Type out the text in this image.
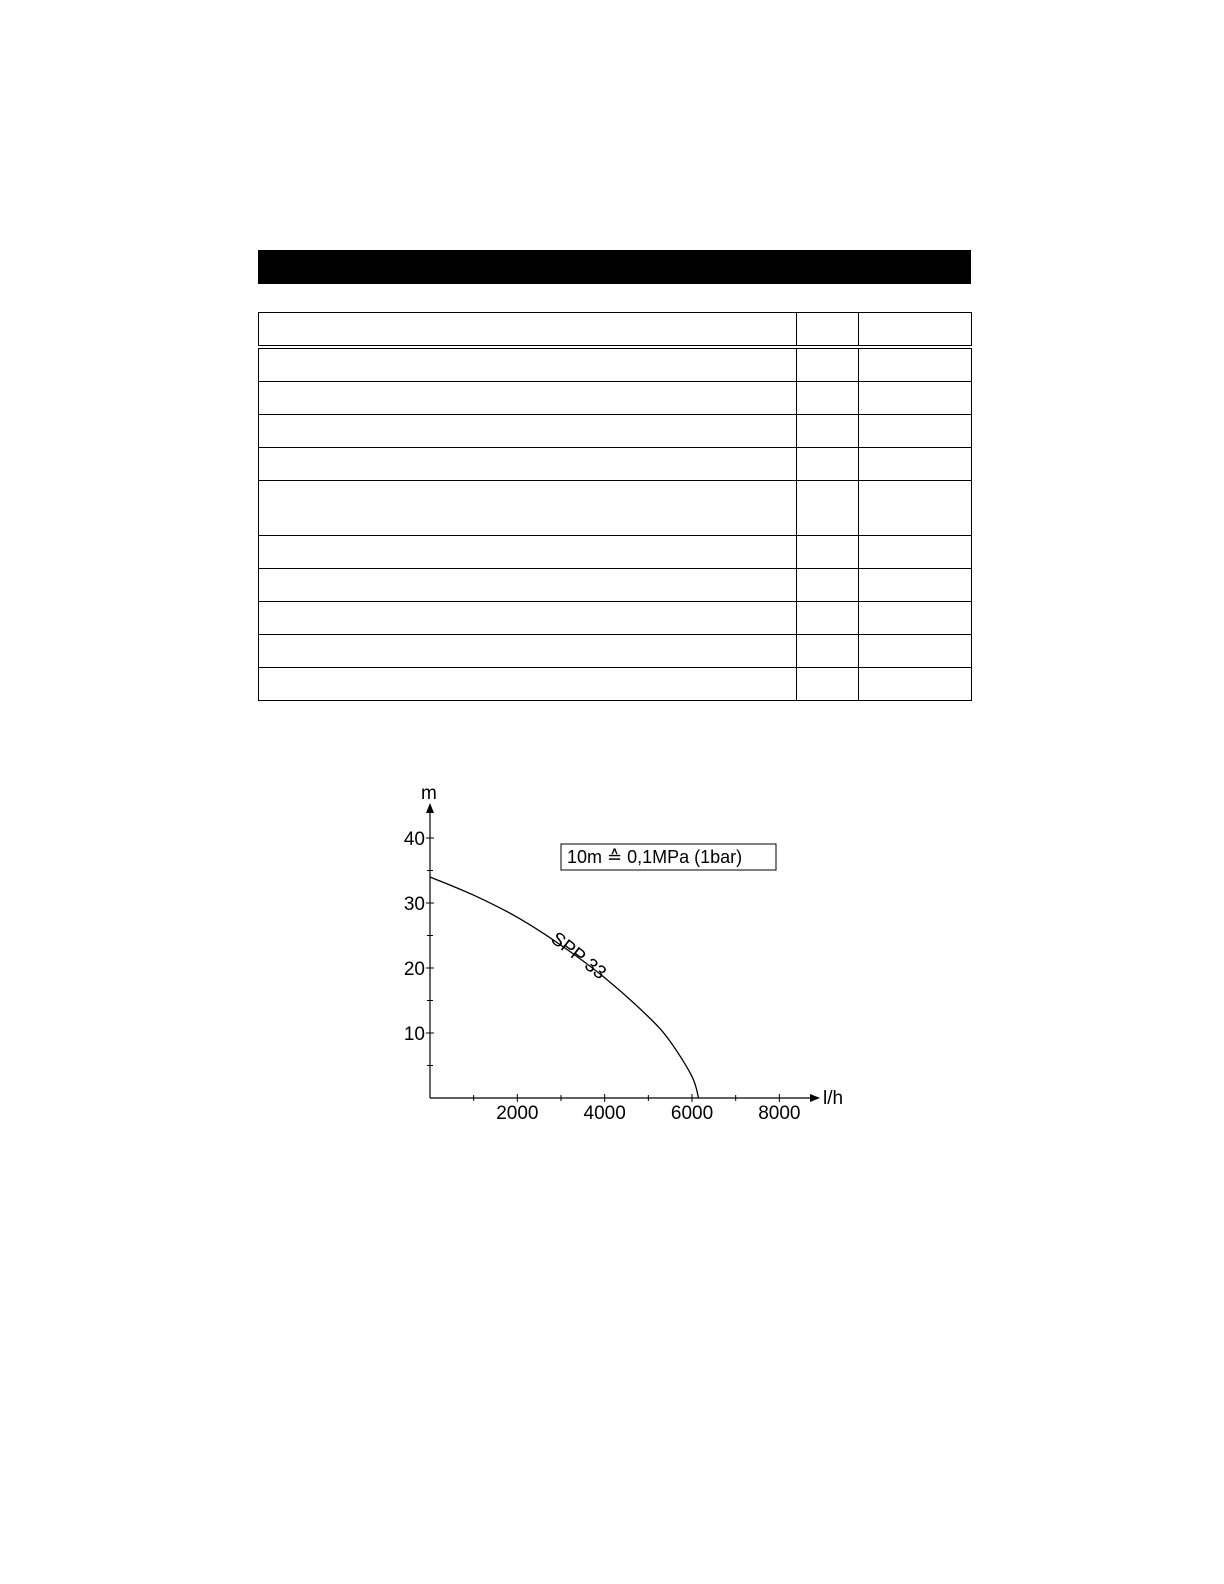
2000 4000 6000 8000
10
20
30
40
l/h
m
SPP 33
10m ≙ 0,1MPa (1bar)
